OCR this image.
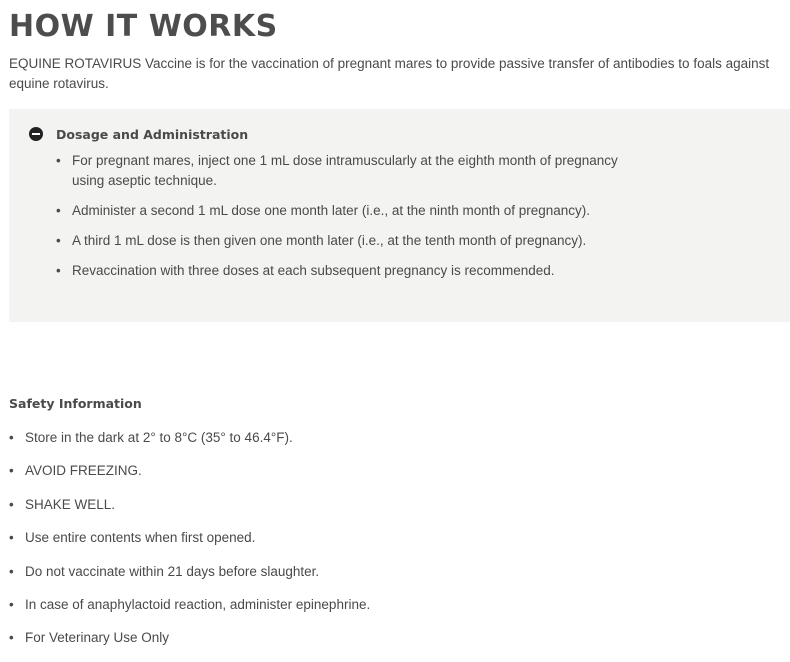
HOW IT WORKS

EQUINE ROTAVIRUS Vaccine is for the vaccination of pregnant mares to provide passive transfer of antibodies to foals against equine rotavirus.

Dosage and Administration
• For pregnant mares, inject one 1 mL dose intramuscularly at the eighth month of pregnancy using aseptic technique.
• Administer a second 1 mL dose one month later (i.e., at the ninth month of pregnancy).
• A third 1 mL dose is then given one month later (i.e., at the tenth month of pregnancy).
• Revaccination with three doses at each subsequent pregnancy is recommended.
Safety Information
• Store in the dark at 2° to 8°C (35° to 46.4°F).
• AVOID FREEZING.
• SHAKE WELL.
• Use entire contents when first opened.
• Do not vaccinate within 21 days before slaughter.
• In case of anaphylactoid reaction, administer epinephrine.
• For Veterinary Use Only
